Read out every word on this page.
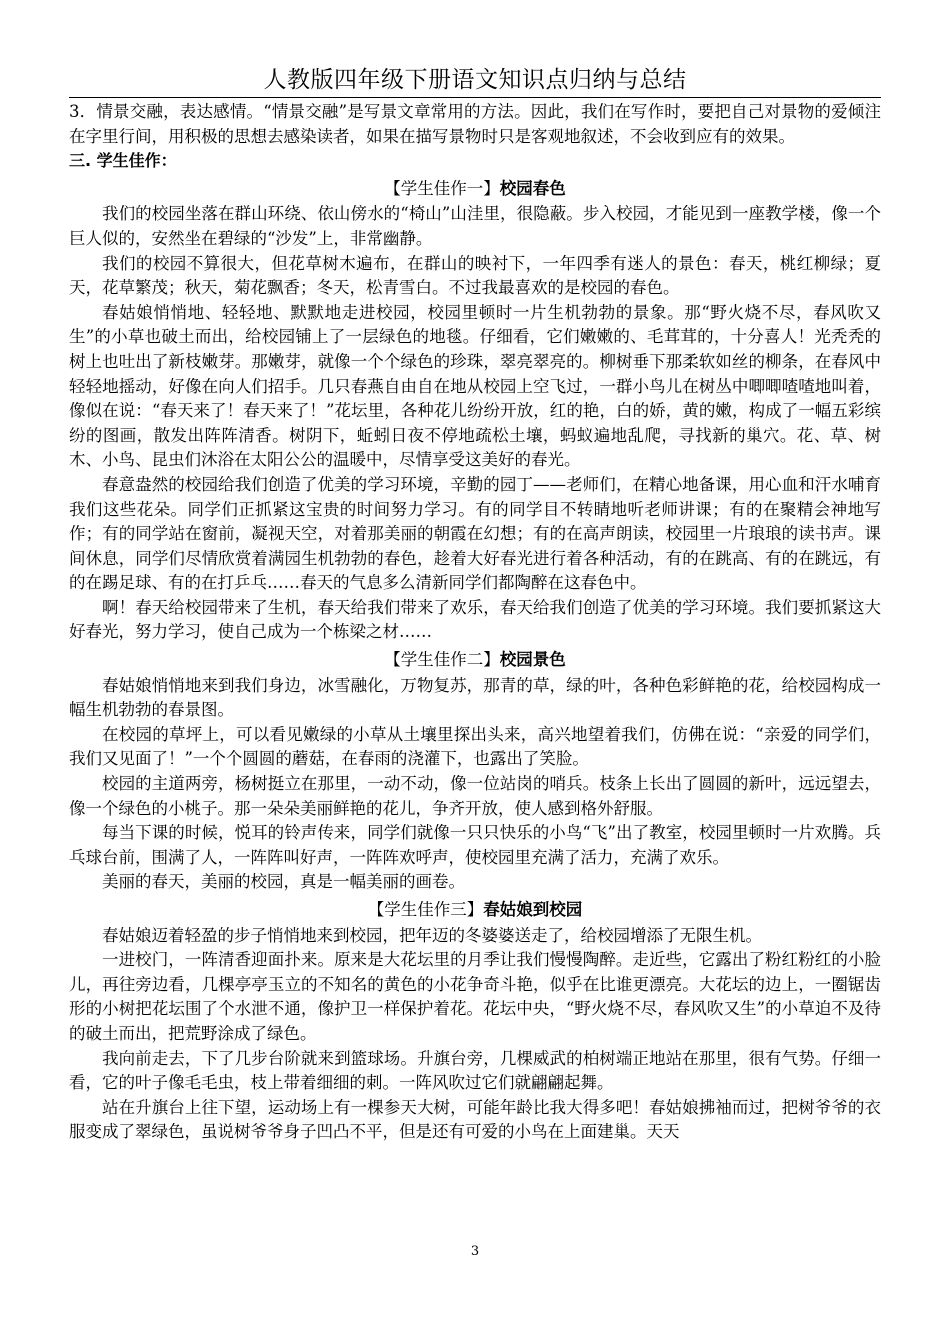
人教版四年级下册语文知识点归纳与总结

3．情景交融，表达感情。“情景交融”是写景文章常用的方法。因此，我们在写作时，要把自己对景物的爱倾注在字里行间，用积极的思想去感染读者，如果在描写景物时只是客观地叙述，不会收到应有的效果。

三. 学生佳作：
【学生佳作一】校园春色

我们的校园坐落在群山环绕、依山傍水的“椅山”山洼里，很隐蔽。步入校园，才能见到一座教学楼，像一个巨人似的，安然坐在碧绿的“沙发”上，非常幽静。

我们的校园不算很大，但花草树木遍布，在群山的映衬下，一年四季有迷人的景色：春天，桃红柳绿；夏天，花草繁茂；秋天，菊花飘香；冬天，松青雪白。不过我最喜欢的是校园的春色。

春姑娘悄悄地、轻轻地、默默地走进校园，校园里顿时一片生机勃勃的景象。那“野火烧不尽，春风吹又生”的小草也破土而出，给校园铺上了一层绿色的地毯。仔细看，它们嫩嫩的、毛茸茸的，十分喜人！光秃秃的树上也吐出了新枝嫩芽。那嫩芽，就像一个个绿色的珍珠，翠亮翠亮的。柳树垂下那柔软如丝的柳条，在春风中轻轻地摇动，好像在向人们招手。几只春燕自由自在地从校园上空飞过，一群小鸟儿在树丛中唧唧喳喳地叫着，像似在说：“春天来了！春天来了！”花坛里，各种花儿纷纷开放，红的艳，白的娇，黄的嫩，构成了一幅五彩缤纷的图画，散发出阵阵清香。树阴下，蚯蚓日夜不停地疏松土壤，蚂蚁遍地乱爬，寻找新的巢穴。花、草、树木、小鸟、昆虫们沐浴在太阳公公的温暖中，尽情享受这美好的春光。

春意盎然的校园给我们创造了优美的学习环境，辛勤的园丁——老师们，在精心地备课，用心血和汗水哺育我们这些花朵。同学们正抓紧这宝贵的时间努力学习。有的同学目不转睛地听老师讲课；有的在聚精会神地写作；有的同学站在窗前，凝视天空，对着那美丽的朝霞在幻想；有的在高声朗读，校园里一片琅琅的读书声。课间休息，同学们尽情欣赏着满园生机勃勃的春色，趁着大好春光进行着各种活动，有的在跳高、有的在跳远，有的在踢足球、有的在打乒乓……春天的气息多么清新同学们都陶醉在这春色中。

啊！春天给校园带来了生机，春天给我们带来了欢乐，春天给我们创造了优美的学习环境。我们要抓紧这大好春光，努力学习，使自己成为一个栋梁之材……

【学生佳作二】校园景色

春姑娘悄悄地来到我们身边，冰雪融化，万物复苏，那青的草，绿的叶，各种色彩鲜艳的花，给校园构成一幅生机勃勃的春景图。

在校园的草坪上，可以看见嫩绿的小草从土壤里探出头来，高兴地望着我们，仿佛在说：“亲爱的同学们，我们又见面了！”一个个圆圆的蘑菇，在春雨的浇灌下，也露出了笑脸。

校园的主道两旁，杨树挺立在那里，一动不动，像一位站岗的哨兵。枝条上长出了圆圆的新叶，远远望去，像一个绿色的小桃子。那一朵朵美丽鲜艳的花儿，争齐开放，使人感到格外舒服。

每当下课的时候，悦耳的铃声传来，同学们就像一只只快乐的小鸟“飞”出了教室，校园里顿时一片欢腾。兵乓球台前，围满了人，一阵阵叫好声，一阵阵欢呼声，使校园里充满了活力，充满了欢乐。

美丽的春天，美丽的校园，真是一幅美丽的画卷。

【学生佳作三】春姑娘到校园

春姑娘迈着轻盈的步子悄悄地来到校园，把年迈的冬婆婆送走了，给校园增添了无限生机。

一进校门，一阵清香迎面扑来。原来是大花坛里的月季让我们慢慢陶醉。走近些，它露出了粉红粉红的小脸儿，再往旁边看，几棵亭亭玉立的不知名的黄色的小花争奇斗艳，似乎在比谁更漂亮。大花坛的边上，一圈锯齿形的小树把花坛围了个水泄不通，像护卫一样保护着花。花坛中央，“野火烧不尽，春风吹又生”的小草迫不及待的破土而出，把荒野涂成了绿色。

我向前走去，下了几步台阶就来到篮球场。升旗台旁，几棵威武的柏树端正地站在那里，很有气势。仔细一看，它的叶子像毛毛虫，枝上带着细细的刺。一阵风吹过它们就翩翩起舞。

站在升旗台上往下望，运动场上有一棵参天大树，可能年龄比我大得多吧！春姑娘拂袖而过，把树爷爷的衣服变成了翠绿色，虽说树爷爷身子凹凸不平，但是还有可爱的小鸟在上面建巢。天天

3
